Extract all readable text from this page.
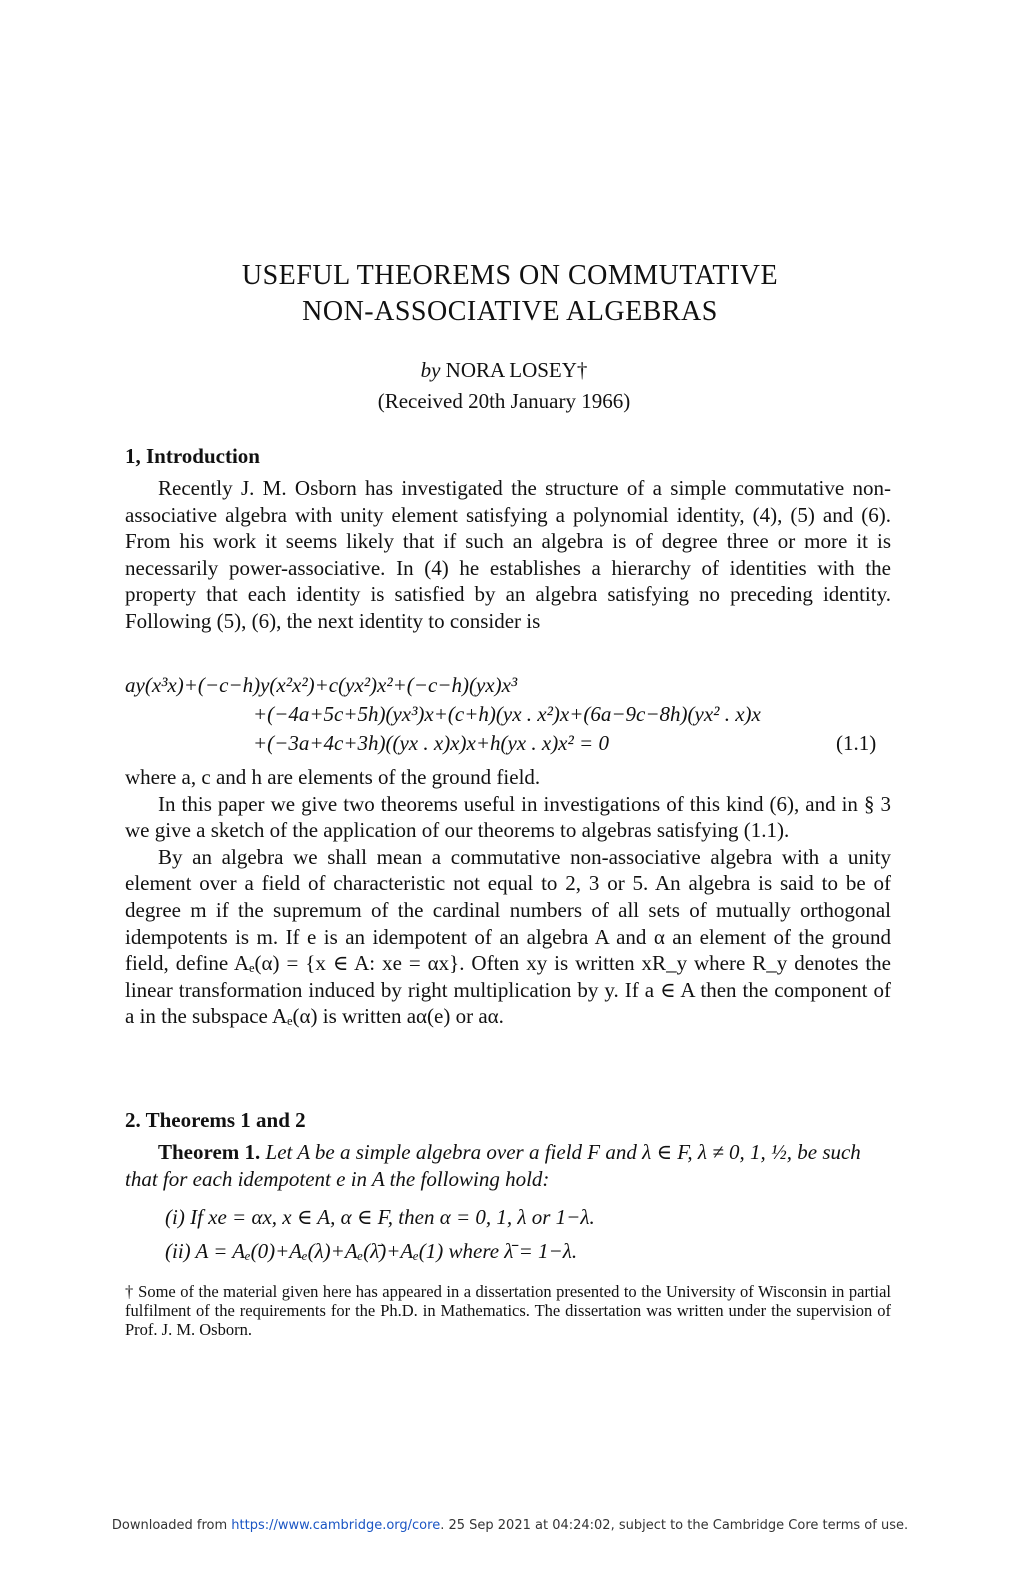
USEFUL THEOREMS ON COMMUTATIVE
NON-ASSOCIATIVE ALGEBRAS
by NORA LOSEY†
(Received 20th January 1966)
1, Introduction

Recently J. M. Osborn has investigated the structure of a simple commutative non-associative algebra with unity element satisfying a polynomial identity, (4), (5) and (6). From his work it seems likely that if such an algebra is of degree three or more it is necessarily power-associative. In (4) he establishes a hierarchy of identities with the property that each identity is satisfied by an algebra satisfying no preceding identity. Following (5), (6), the next identity to consider is

ay(x³x)+(−c−h)y(x²x²)+c(yx²)x²+(−c−h)(yx)x³
+(−4a+5c+5h)(yx³)x+(c+h)(yx . x²)x+(6a−9c−8h)(yx² . x)x
+(−3a+4c+3h)((yx . x)x)x+h(yx . x)x² = 0	(1.1)

where a, c and h are elements of the ground field.

In this paper we give two theorems useful in investigations of this kind (6), and in § 3 we give a sketch of the application of our theorems to algebras satisfying (1.1).

By an algebra we shall mean a commutative non-associative algebra with a unity element over a field of characteristic not equal to 2, 3 or 5. An algebra is said to be of degree m if the supremum of the cardinal numbers of all sets of mutually orthogonal idempotents is m. If e is an idempotent of an algebra A and α an element of the ground field, define Aₑ(α) = {x ∈ A: xe = αx}. Often xy is written xR_y where R_y denotes the linear transformation induced by right multiplication by y. If a ∈ A then the component of a in the subspace Aₑ(α) is written aα(e) or aα.

2. Theorems 1 and 2
Theorem 1. Let A be a simple algebra over a field F and λ ∈ F, λ ≠ 0, 1, ½, be such that for each idempotent e in A the following hold:
(i) If xe = αx, x ∈ A, α ∈ F, then α = 0, 1, λ or 1−λ.
(ii) A = Aₑ(0)+Aₑ(λ)+Aₑ(λ̄)+Aₑ(1) where λ̄ = 1−λ.
† Some of the material given here has appeared in a dissertation presented to the University of Wisconsin in partial fulfilment of the requirements for the Ph.D. in Mathematics. The dissertation was written under the supervision of Prof. J. M. Osborn.
Downloaded from https://www.cambridge.org/core. 25 Sep 2021 at 04:24:02, subject to the Cambridge Core terms of use.
